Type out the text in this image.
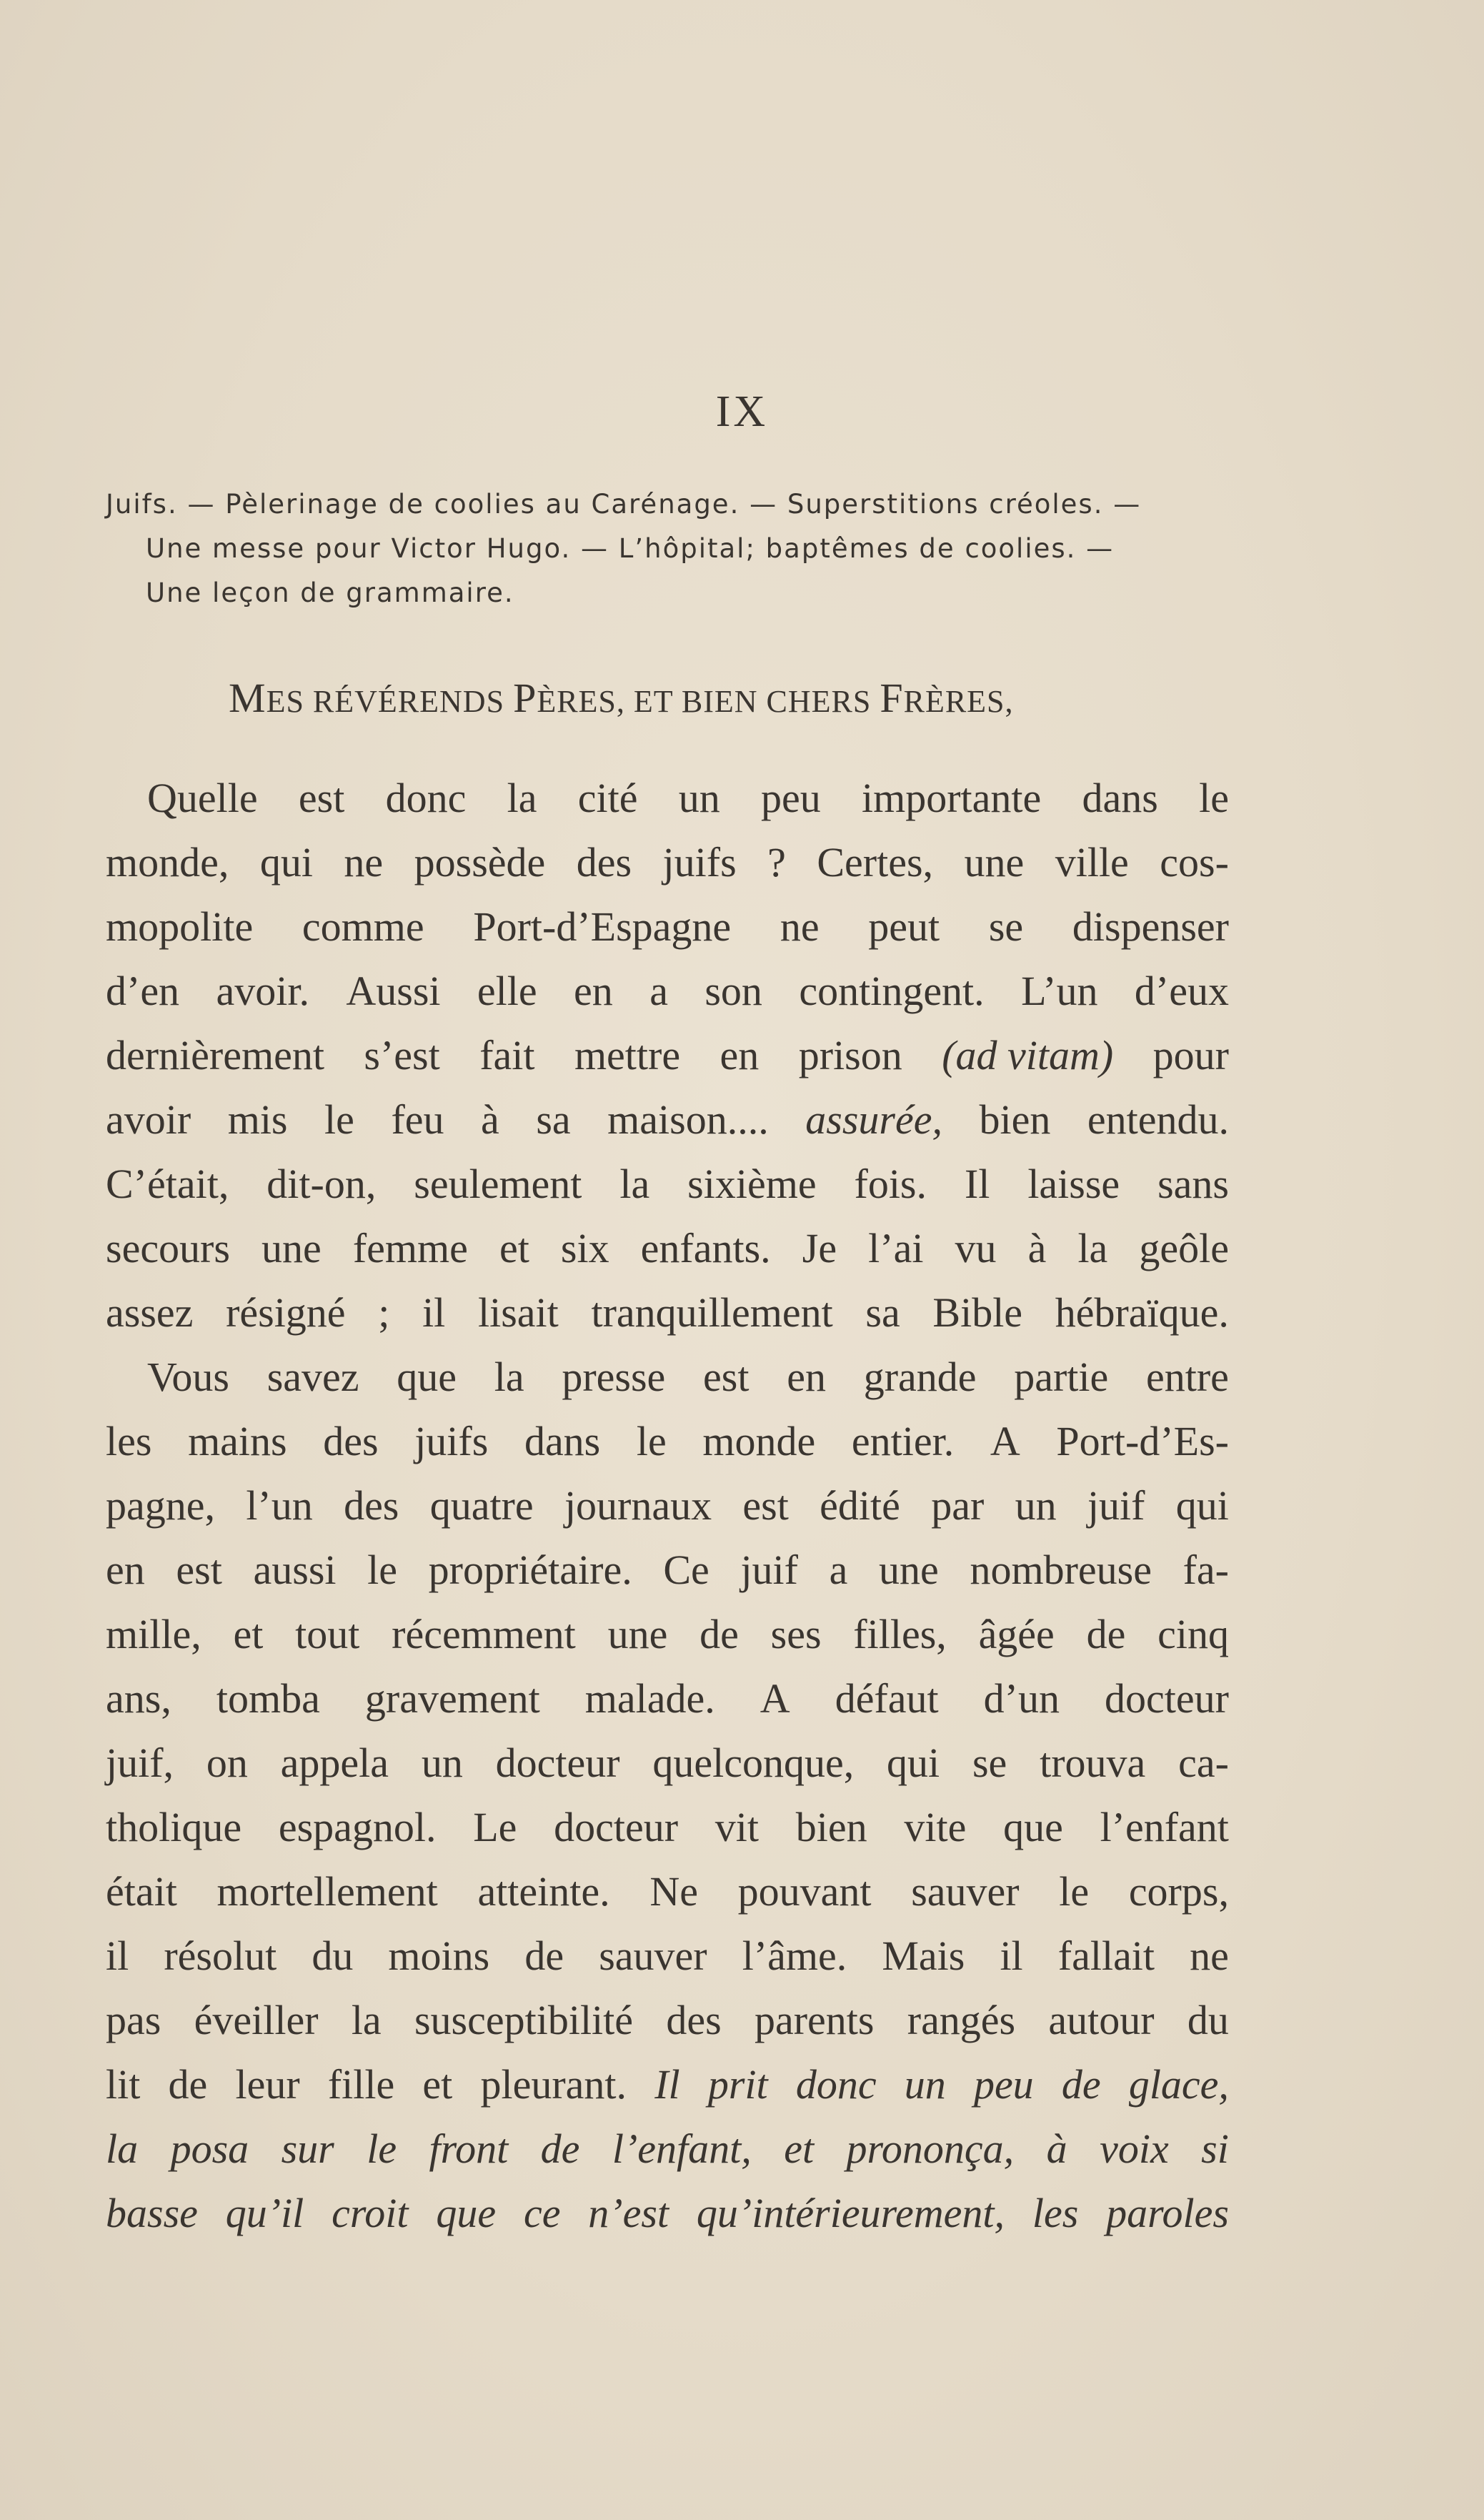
IX
Juifs. — Pèlerinage de coolies au Carénage. — Superstitions créoles. —
Une messe pour Victor Hugo. — L’hôpital; baptêmes de coolies. —
Une leçon de grammaire.
MES RÉVÉRENDS PÈRES, ET BIEN CHERS FRÈRES,
Quelle est donc la cité un peu importante dans le
monde, qui ne possède des juifs ? Certes, une ville cos-
mopolite comme Port-d’Espagne ne peut se dispenser
d’en avoir. Aussi elle en a son contingent. L’un d’eux
dernièrement s’est fait mettre en prison (ad vitam) pour
avoir mis le feu à sa maison.... assurée, bien entendu.
C’était, dit-on, seulement la sixième fois. Il laisse sans
secours une femme et six enfants. Je l’ai vu à la geôle
assez résigné ; il lisait tranquillement sa Bible hébraïque.
Vous savez que la presse est en grande partie entre
les mains des juifs dans le monde entier. A Port-d’Es-
pagne, l’un des quatre journaux est édité par un juif qui
en est aussi le propriétaire. Ce juif a une nombreuse fa-
mille, et tout récemment une de ses filles, âgée de cinq
ans, tomba gravement malade. A défaut d’un docteur
juif, on appela un docteur quelconque, qui se trouva ca-
tholique espagnol. Le docteur vit bien vite que l’enfant
était mortellement atteinte. Ne pouvant sauver le corps,
il résolut du moins de sauver l’âme. Mais il fallait ne
pas éveiller la susceptibilité des parents rangés autour du
lit de leur fille et pleurant. Il prit donc un peu de glace,
la posa sur le front de l’enfant, et prononça, à voix si
basse qu’il croit que ce n’est qu’intérieurement, les paroles
